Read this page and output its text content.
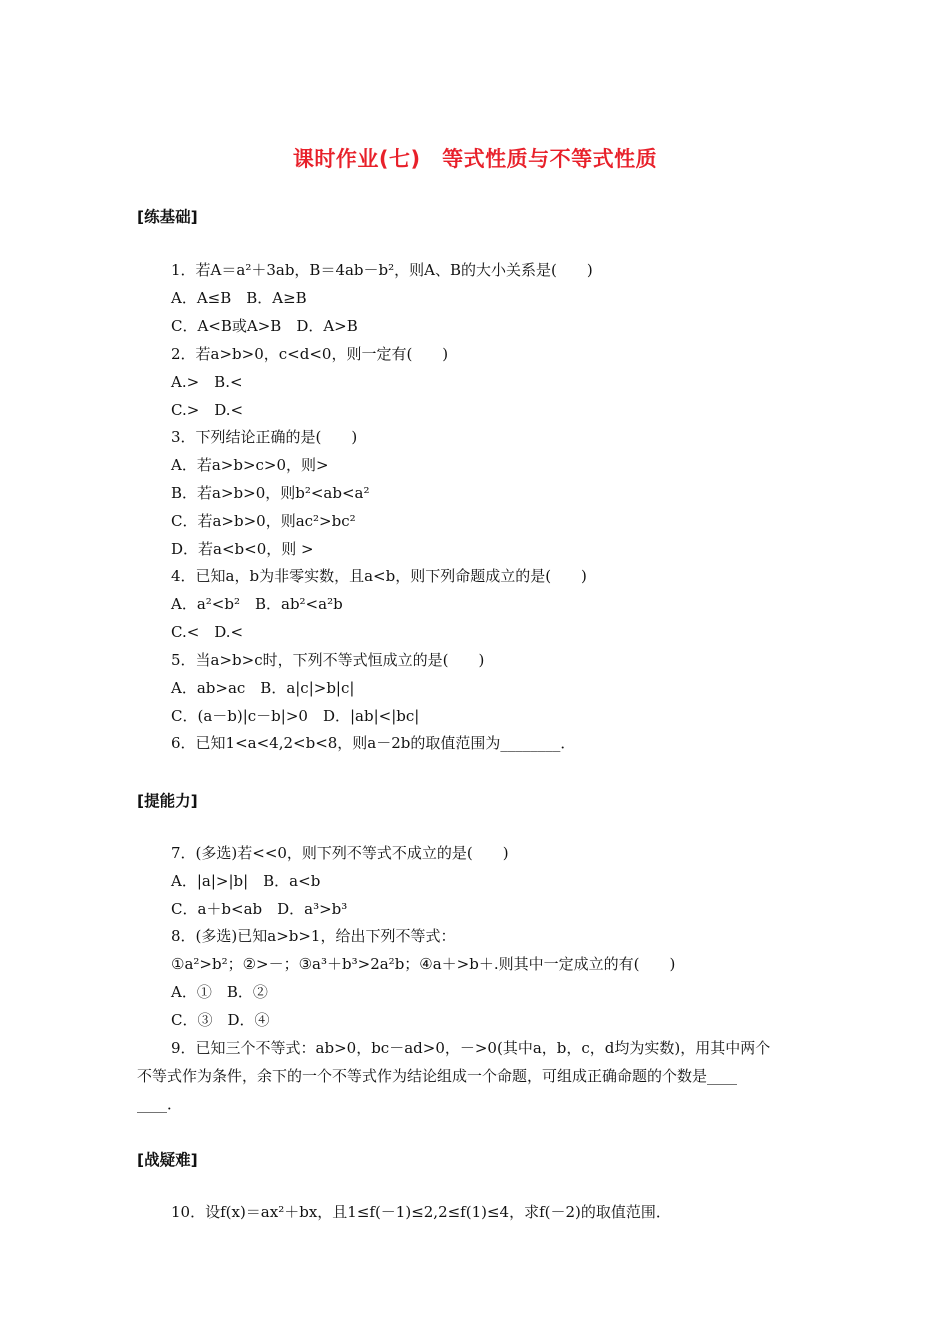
课时作业(七)　等式性质与不等式性质
[练基础]
1．若A＝a²＋3ab，B＝4ab－b²，则A、B的大小关系是(　　)
A．A≤B　B．A≥B
C．A<B或A>B　D．A>B
2．若a>b>0，c<d<0，则一定有(　　)
A.>　B.<
C.>　D.<
3．下列结论正确的是(　　)
A．若a>b>c>0，则>
B．若a>b>0，则b²<ab<a²
C．若a>b>0，则ac²>bc²
D．若a<b<0，则 >
4．已知a，b为非零实数，且a<b，则下列命题成立的是(　　)
A．a²<b²　B．ab²<a²b
C.<　D.<
5．当a>b>c时，下列不等式恒成立的是(　　)
A．ab>ac　B．a|c|>b|c|
C．(a－b)|c－b|>0　D．|ab|<|bc|
6．已知1<a<4,2<b<8，则a－2b的取值范围为________．
[提能力]
7．(多选)若<<0，则下列不等式不成立的是(　　)
A．|a|>|b|　B．a<b
C．a＋b<ab　D．a³>b³
8．(多选)已知a>b>1，给出下列不等式：
①a²>b²；②>－；③a³＋b³>2a²b；④a＋>b＋.则其中一定成立的有(　　)
A．①　B．②
C．③　D．④
9．已知三个不等式：ab>0，bc－ad>0，－>0(其中a，b，c，d均为实数)，用其中两个
不等式作为条件，余下的一个不等式作为结论组成一个命题，可组成正确命题的个数是____
____．
[战疑难]
10．设f(x)＝ax²＋bx，且1≤f(－1)≤2,2≤f(1)≤4，求f(－2)的取值范围．
